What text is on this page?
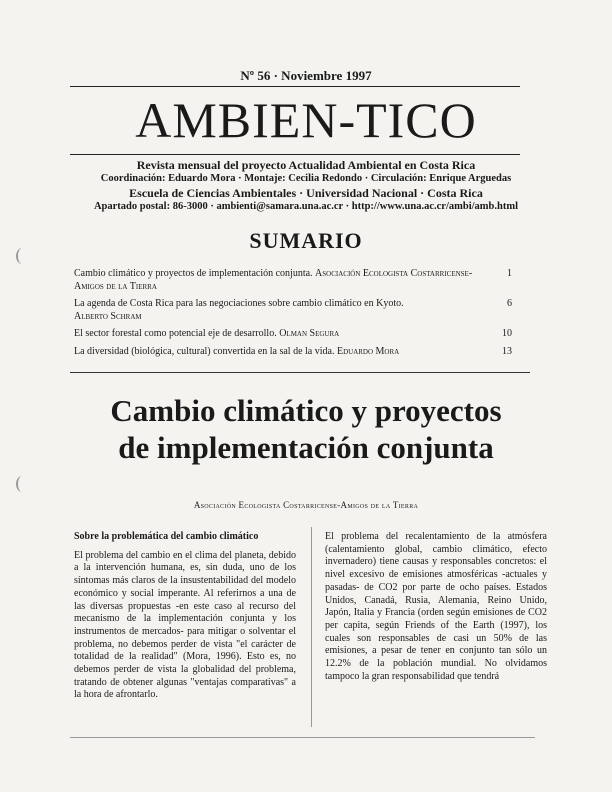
Nº 56 · Noviembre 1997
AMBIEN-TICO
Revista mensual del proyecto Actualidad Ambiental en Costa Rica
Coordinación: Eduardo Mora · Montaje: Cecilia Redondo · Circulación: Enrique Arguedas
Escuela de Ciencias Ambientales · Universidad Nacional · Costa Rica
Apartado postal: 86-3000 · ambienti@samara.una.ac.cr · http://www.una.ac.cr/ambi/amb.html
SUMARIO
Cambio climático y proyectos de implementación conjunta. Asociación Ecologista Costarricense-Amigos de la Tierra
1
La agenda de Costa Rica para las negociaciones sobre cambio climático en Kyoto.
Alberto Schram
6
El sector forestal como potencial eje de desarrollo. Olman Segura	10
La diversidad (biológica, cultural) convertida en la sal de la vida. Eduardo Mora	13
Cambio climático y proyectos
de implementación conjunta
Asociación Ecologista Costarricense-Amigos de la Tierra
Sobre la problemática del cambio climático

El problema del cambio en el clima del planeta, debido a la intervención humana, es, sin duda, uno de los síntomas más claros de la insustentabilidad del modelo económico y social imperante. Al referirnos a una de las diversas propuestas -en este caso al recurso del mecanismo de la implementación conjunta y los instrumentos de mercados- para mitigar o solventar el problema, no debemos perder de vista "el carácter de totalidad de la realidad" (Mora, 1996). Esto es, no debemos perder de vista la globalidad del problema, tratando de obtener algunas "ventajas comparativas" a la hora de afrontarlo.

El problema del recalentamiento de la atmósfera (calentamiento global, cambio climático, efecto invernadero) tiene causas y responsables concretos: el nivel excesivo de emisiones atmosféricas -actuales y pasadas- de CO2 por parte de ocho países. Estados Unidos, Canadá, Rusia, Alemania, Reino Unido, Japón, Italia y Francia (orden según emisiones de CO2 per capita, según Friends of the Earth (1997), los cuales son responsables de casi un 50% de las emisiones, a pesar de tener en conjunto tan sólo un 12.2% de la población mundial. No olvidamos tampoco la gran responsabilidad que tendrá
